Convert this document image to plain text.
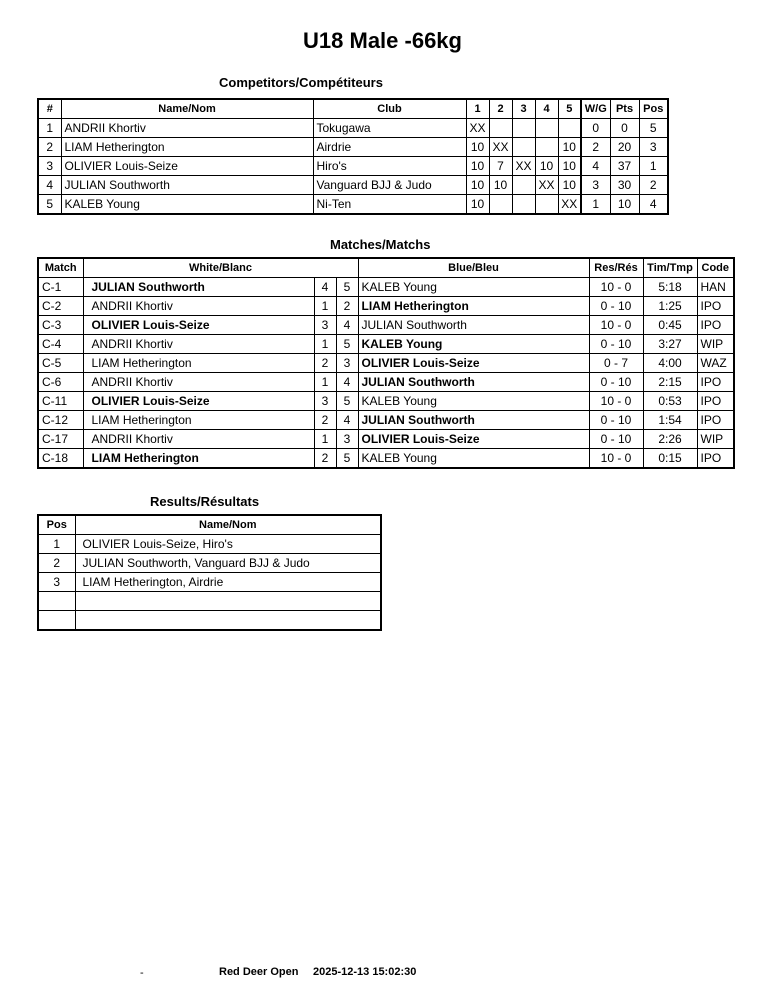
U18 Male -66kg
Competitors/Compétiteurs
#	Name/Nom	Club	1	2	3	4	5	W/G	Pts	Pos
1	ANDRII Khortiv	Tokugawa	XX					0	0	5
2	LIAM Hetherington	Airdrie	10	XX			10	2	20	3
3	OLIVIER Louis-Seize	Hiro's	10	7	XX	10	10	4	37	1
4	JULIAN Southworth	Vanguard BJJ & Judo	10	10		XX	10	3	30	2
5	KALEB Young	Ni-Ten	10				XX	1	10	4
Matches/Matchs
Match	White/Blanc			Blue/Bleu	Res/Rés	Tim/Tmp	Code
C-1	JULIAN Southworth	4	5	KALEB Young	10 - 0	5:18	HAN
C-2	ANDRII Khortiv	1	2	LIAM Hetherington	0 - 10	1:25	IPO
C-3	OLIVIER Louis-Seize	3	4	JULIAN Southworth	10 - 0	0:45	IPO
C-4	ANDRII Khortiv	1	5	KALEB Young	0 - 10	3:27	WIP
C-5	LIAM Hetherington	2	3	OLIVIER Louis-Seize	0 - 7	4:00	WAZ
C-6	ANDRII Khortiv	1	4	JULIAN Southworth	0 - 10	2:15	IPO
C-11	OLIVIER Louis-Seize	3	5	KALEB Young	10 - 0	0:53	IPO
C-12	LIAM Hetherington	2	4	JULIAN Southworth	0 - 10	1:54	IPO
C-17	ANDRII Khortiv	1	3	OLIVIER Louis-Seize	0 - 10	2:26	WIP
C-18	LIAM Hetherington	2	5	KALEB Young	10 - 0	0:15	IPO
Results/Résultats
Pos	Name/Nom
1	OLIVIER Louis-Seize, Hiro's
2	JULIAN Southworth, Vanguard BJJ & Judo
3	LIAM Hetherington, Airdrie

-	Red Deer Open 2025-12-13 15:02:30
